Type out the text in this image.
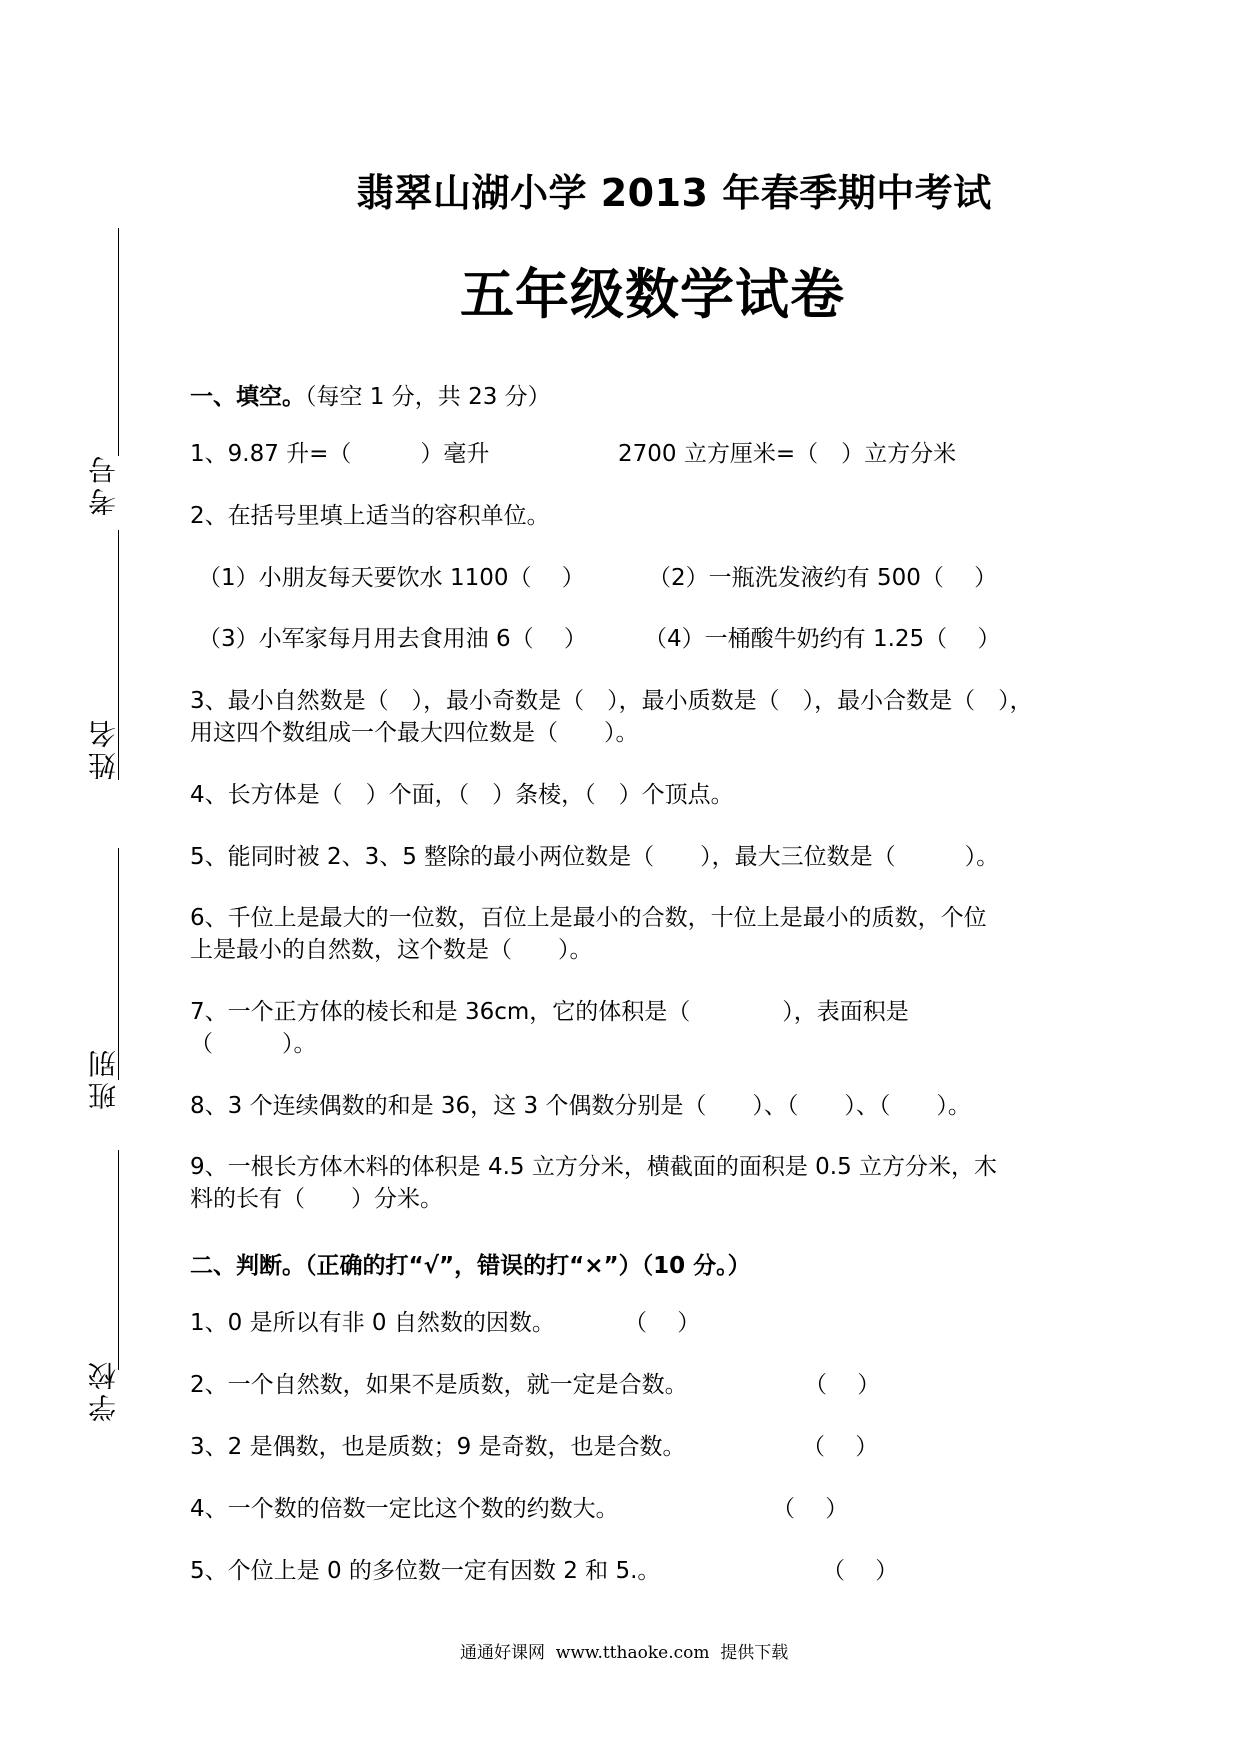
考号
姓名
班别
学校
翡翠山湖小学 2013 年春季期中考试
五年级数学试卷
一、填空。（每空 1 分，共 23 分）
1、9.87 升=（　　　）毫升	2700 立方厘米=（　）立方分米
2、在括号里填上适当的容积单位。
（1）小朋友每天要饮水 1100（　 ）	（2）一瓶洗发液约有 500（　 ）
（3）小军家每月用去食用油 6（　 ） （4）一桶酸牛奶约有 1.25（　 ）
3、最小自然数是（　），最小奇数是（　），最小质数是（　），最小合数是（　），
用这四个数组成一个最大四位数是（　　）。
4、长方体是（　）个面，（　）条棱，（　）个顶点。
5、能同时被 2、3、5 整除的最小两位数是（　　），最大三位数是（　　　）。
6、千位上是最大的一位数，百位上是最小的合数，十位上是最小的质数，个位
上是最小的自然数，这个数是（　　）。
7、一个正方体的棱长和是 36cm，它的体积是（　　　　），表面积是
（　　　）。
8、3 个连续偶数的和是 36，这 3 个偶数分别是（　　）、（　　）、（　　）。
9、一根长方体木料的体积是 4.5 立方分米，横截面的面积是 0.5 立方分米，木
料的长有（　　）分米。
二、判断。（正确的打“√”，错误的打“×”）（10 分。）
1、0 是所以有非 0 自然数的因数。	（　 ）
2、一个自然数，如果不是质数，就一定是合数。	（　 ）
3、2 是偶数，也是质数；9 是奇数，也是合数。	（　 ）
4、一个数的倍数一定比这个数的约数大。	（　 ）
5、个位上是 0 的多位数一定有因数 2 和 5.。	（　 ）
通通好课网  www.tthaoke.com  提供下载
